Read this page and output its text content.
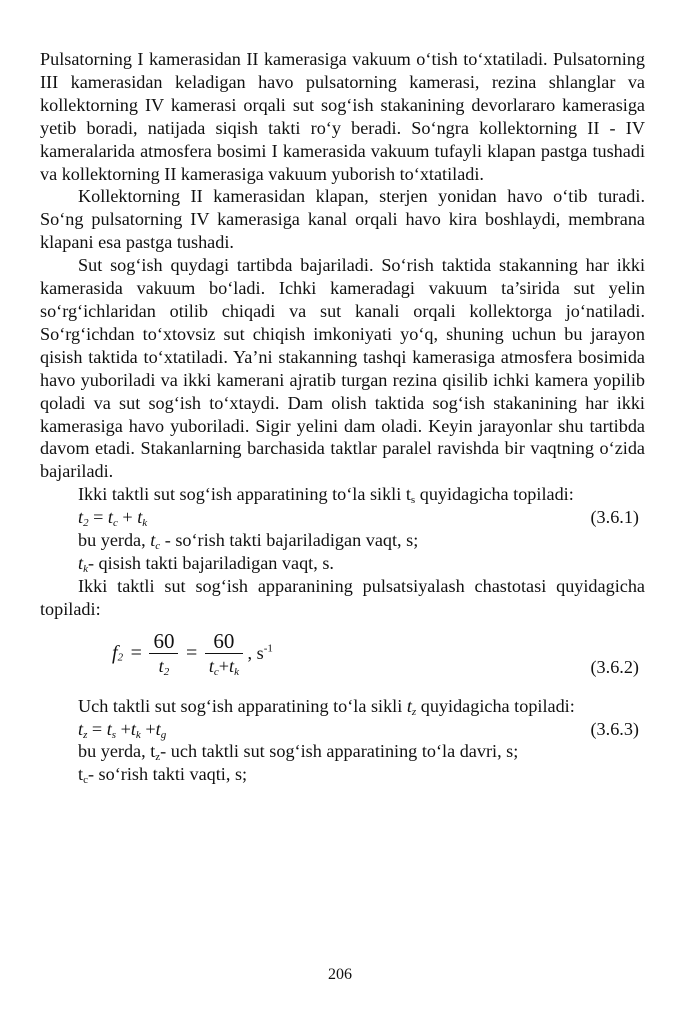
Pulsatorning I kamerasidan II kamerasiga vakuum o‘tish to‘xtatiladi. Pulsatorning III kamerasidan keladigan havo pulsatorning kamerasi, rezina shlanglar va kollektorning IV kamerasi orqali sut sog‘ish stakanining devorlararo kamerasiga yetib boradi, natijada siqish takti ro‘y beradi. So‘ngra kollektorning II - IV kameralarida atmosfera bosimi I kamerasida vakuum tufayli klapan pastga tushadi va kollektorning II kamerasiga vakuum yuborish to‘xtatiladi.

Kollektorning II kamerasidan klapan, sterjen yonidan havo o‘tib turadi. So‘ng pulsatorning IV kamerasiga kanal orqali havo kira boshlaydi, membrana klapani esa pastga tushadi.

Sut sog‘ish quydagi tartibda bajariladi. So‘rish taktida stakanning har ikki kamerasida vakuum bo‘ladi. Ichki kameradagi vakuum ta’sirida sut yelin so‘rg‘ichlaridan otilib chiqadi va sut kanali orqali kollektorga jo‘natiladi. So‘rg‘ichdan to‘xtovsiz sut chiqish imkoniyati yo‘q, shuning uchun bu jarayon qisish taktida to‘xtatiladi. Ya’ni stakanning tashqi kamerasiga atmosfera bosimida havo yuboriladi va ikki kamerani ajratib turgan rezina qisilib ichki kamera yopilib qoladi va sut sog‘ish to‘xtaydi. Dam olish taktida sog‘ish stakanining har ikki kamerasiga havo yuboriladi. Sigir yelini dam oladi. Keyin jarayonlar shu tartibda davom etadi. Stakanlarning barchasida taktlar paralel ravishda bir vaqtning o‘zida bajariladi.

Ikki taktli sut sog‘ish apparatining to‘la sikli $t_s$ quyidagicha topiladi:

$t_2 = t_c + t_k$	(3.6.1)

bu yerda, $t_c$ - so‘rish takti bajariladigan vaqt, s;

$t_k-$ qisish takti bajariladigan vaqt, s.

Ikki taktli sut sog‘ish apparanining pulsatsiyalash chastotasi quyidagicha topiladi:

$f_2 = \frac{60}{t_2} = \frac{60}{t_c+t_k}$ , $s^{-1}$
(3.6.2)

Uch taktli sut sog‘ish apparatining to‘la sikli $t_z$ quyidagicha topiladi:

$t_z = t_s +t_k +t_g$	(3.6.3)

bu yerda, $t_z-$ uch taktli sut sog‘ish apparatining to‘la davri, s;

$t_c-$ so‘rish takti vaqti, s;

206
